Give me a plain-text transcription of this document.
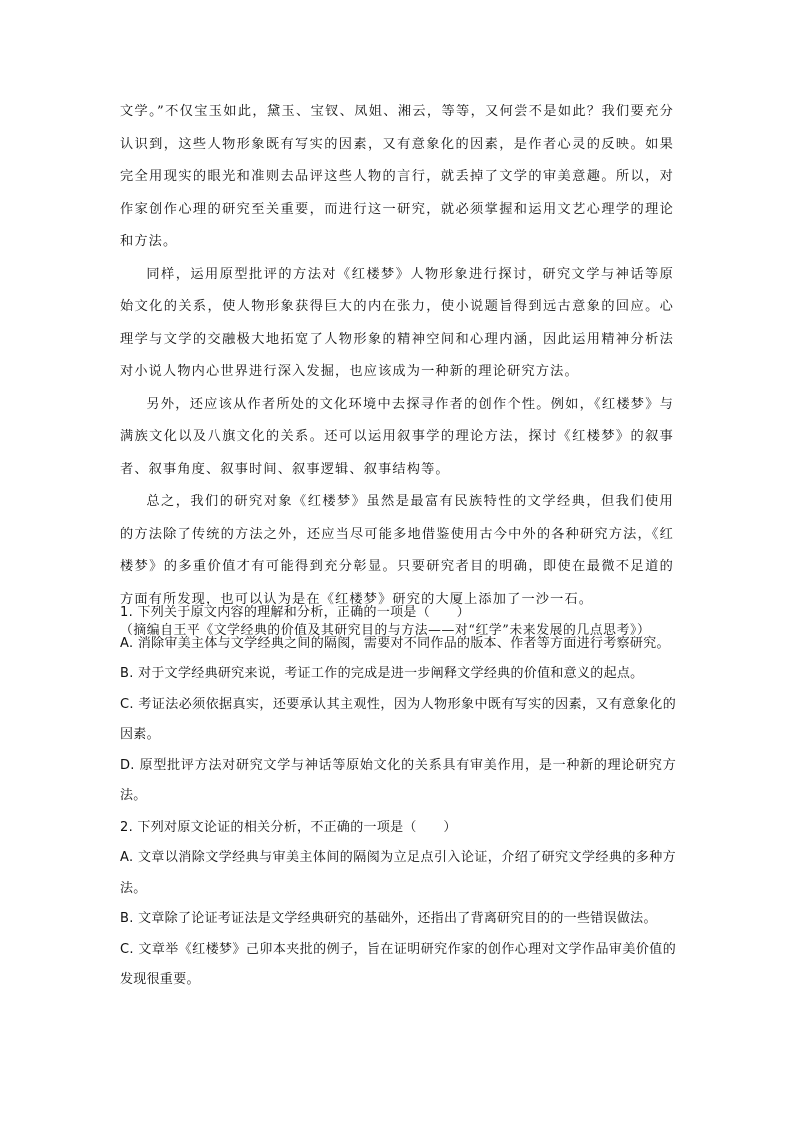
文学。”不仅宝玉如此，黛玉、宝钗、凤姐、湘云，等等，又何尝不是如此？我们要充分认识到，这些人物形象既有写实的因素，又有意象化的因素，是作者心灵的反映。如果完全用现实的眼光和准则去品评这些人物的言行，就丢掉了文学的审美意趣。所以，对作家创作心理的研究至关重要，而进行这一研究，就必须掌握和运用文艺心理学的理论和方法。

同样，运用原型批评的方法对《红楼梦》人物形象进行探讨，研究文学与神话等原始文化的关系，使人物形象获得巨大的内在张力，使小说题旨得到远古意象的回应。心理学与文学的交融极大地拓宽了人物形象的精神空间和心理内涵，因此运用精神分析法对小说人物内心世界进行深入发掘，也应该成为一种新的理论研究方法。

另外，还应该从作者所处的文化环境中去探寻作者的创作个性。例如，《红楼梦》与满族文化以及八旗文化的关系。还可以运用叙事学的理论方法，探讨《红楼梦》的叙事者、叙事角度、叙事时间、叙事逻辑、叙事结构等。

总之，我们的研究对象《红楼梦》虽然是最富有民族特性的文学经典，但我们使用的方法除了传统的方法之外，还应当尽可能多地借鉴使用古今中外的各种研究方法，《红楼梦》的多重价值才有可能得到充分彰显。只要研究者目的明确，即使在最微不足道的方面有所发现，也可以认为是在《红楼梦》研究的大厦上添加了一沙一石。

（摘编自王平《文学经典的价值及其研究目的与方法——对“红学”未来发展的几点思考》）

1. 下列关于原文内容的理解和分析，正确的一项是（　　）

A. 消除审美主体与文学经典之间的隔阂，需要对不同作品的版本、作者等方面进行考察研究。

B. 对于文学经典研究来说，考证工作的完成是进一步阐释文学经典的价值和意义的起点。

C. 考证法必须依据真实，还要承认其主观性，因为人物形象中既有写实的因素，又有意象化的因素。

D. 原型批评方法对研究文学与神话等原始文化的关系具有审美作用，是一种新的理论研究方法。

2. 下列对原文论证的相关分析，不正确的一项是（　　）

A. 文章以消除文学经典与审美主体间的隔阂为立足点引入论证，介绍了研究文学经典的多种方法。

B. 文章除了论证考证法是文学经典研究的基础外，还指出了背离研究目的的一些错误做法。

C. 文章举《红楼梦》己卯本夹批的例子，旨在证明研究作家的创作心理对文学作品审美价值的发现很重要。
